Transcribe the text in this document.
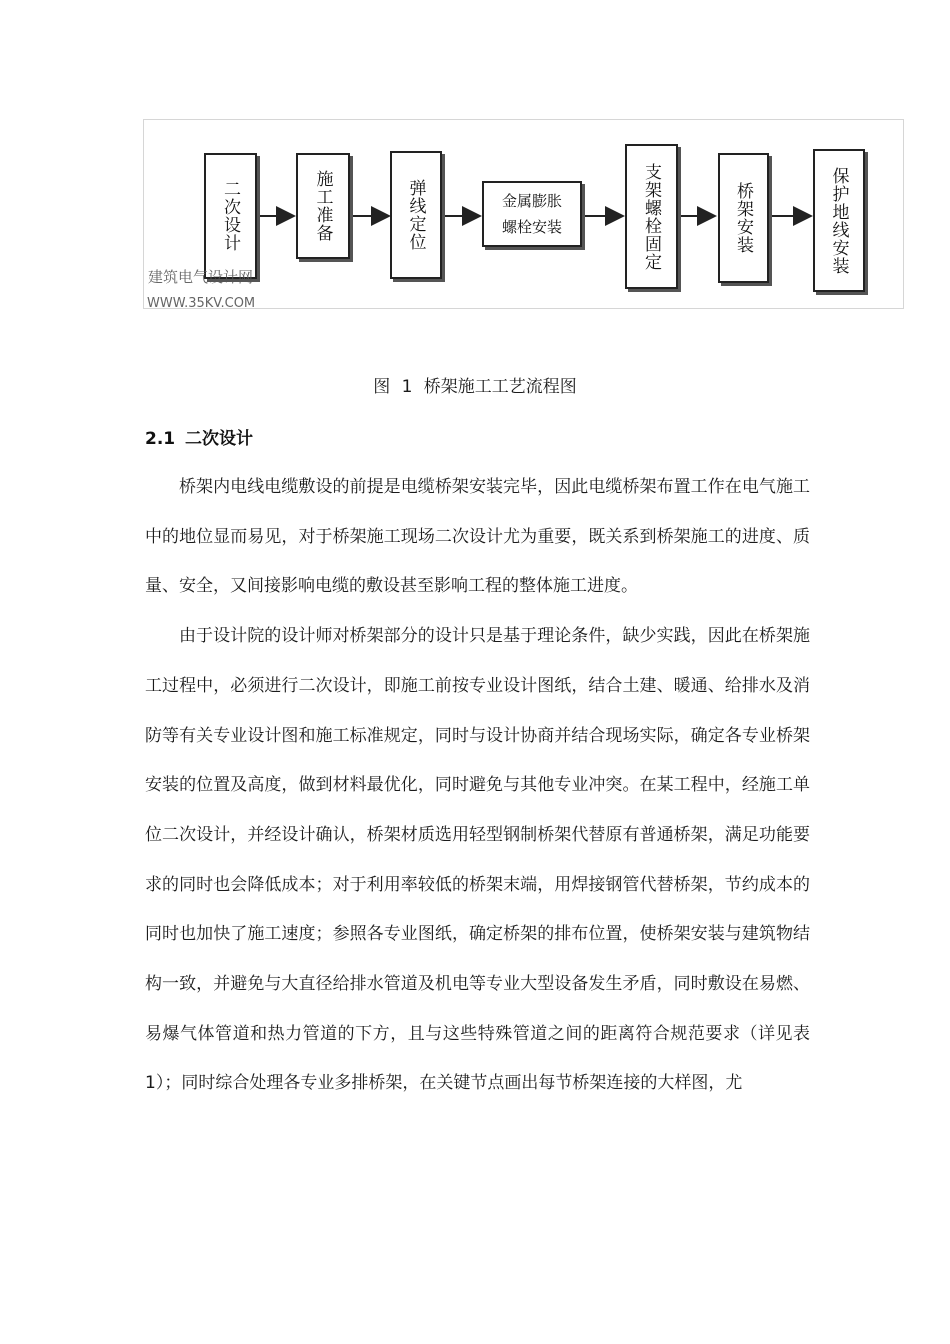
二次设计	施工准备	弹线定位	金属膨胀
螺栓安装	支架螺栓固定	桥架安装	保护地线安装
建筑电气设计网
WWW.35KV.COM
图 1 桥架施工工艺流程图
2.1 二次设计

桥架内电线电缆敷设的前提是电缆桥架安装完毕，因此电缆桥架布置工作在电气施工中的地位显而易见，对于桥架施工现场二次设计尤为重要，既关系到桥架施工的进度、质量、安全，又间接影响电缆的敷设甚至影响工程的整体施工进度。

由于设计院的设计师对桥架部分的设计只是基于理论条件，缺少实践，因此在桥架施工过程中，必须进行二次设计，即施工前按专业设计图纸，结合土建、暖通、给排水及消防等有关专业设计图和施工标准规定，同时与设计协商并结合现场实际，确定各专业桥架安装的位置及高度，做到材料最优化，同时避免与其他专业冲突。在某工程中，经施工单位二次设计，并经设计确认，桥架材质选用轻型钢制桥架代替原有普通桥架，满足功能要求的同时也会降低成本；对于利用率较低的桥架末端，用焊接钢管代替桥架，节约成本的同时也加快了施工速度；参照各专业图纸，确定桥架的排布位置，使桥架安装与建筑物结构一致，并避免与大直径给排水管道及机电等专业大型设备发生矛盾，同时敷设在易燃、易爆气体管道和热力管道的下方，且与这些特殊管道之间的距离符合规范要求（详见表1）；同时综合处理各专业多排桥架，在关键节点画出每节桥架连接的大样图，尤
